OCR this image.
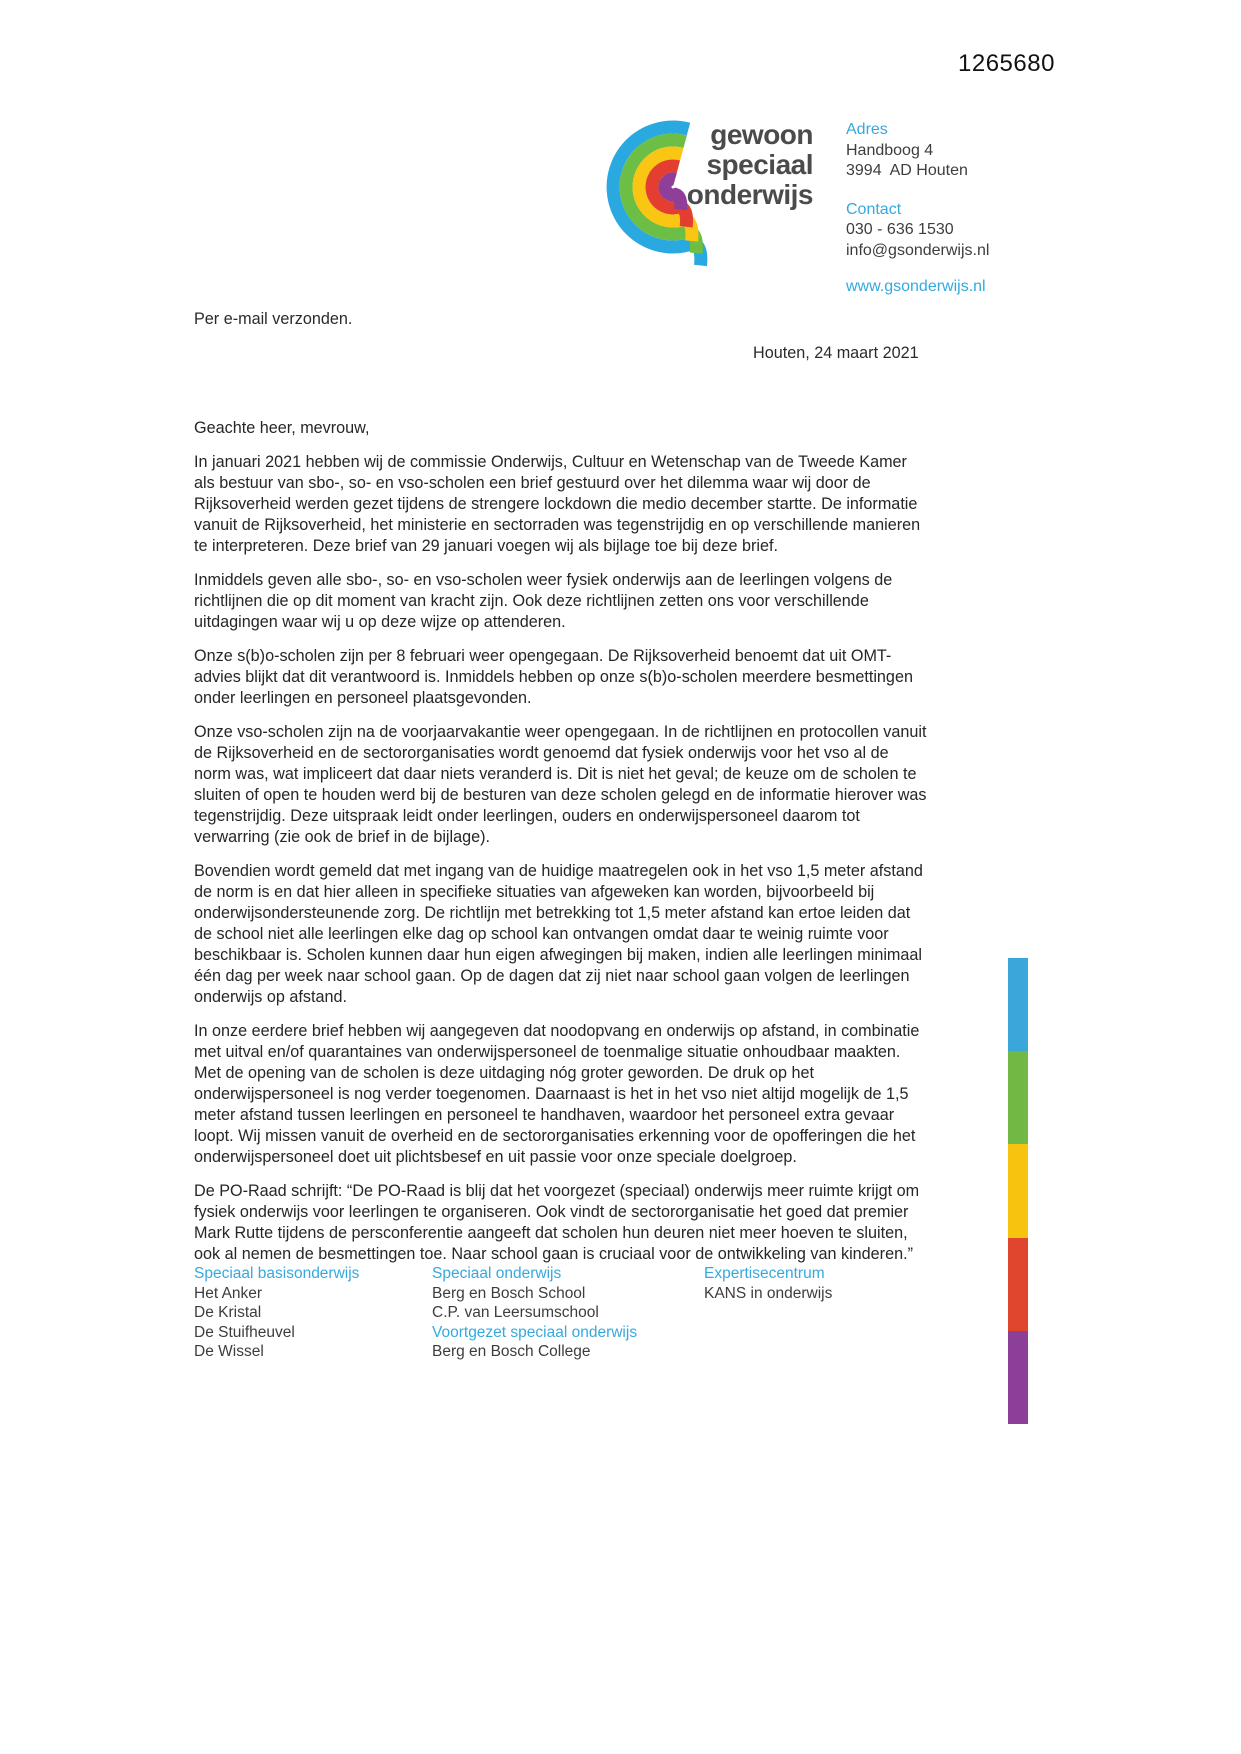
1265680
gewoon
speciaal
onderwijs
Adres
Handboog 4
3994  AD Houten
Contact
030 - 636 1530
info@gsonderwijs.nl
www.gsonderwijs.nl
Per e-mail verzonden.
Houten, 24 maart 2021

Geachte heer, mevrouw,

In januari 2021 hebben wij de commissie Onderwijs, Cultuur en Wetenschap van de Tweede Kamer als bestuur van sbo-, so- en vso-scholen een brief gestuurd over het dilemma waar wij door de Rijksoverheid werden gezet tijdens de strengere lockdown die medio december startte. De informatie vanuit de Rijksoverheid, het ministerie en sectorraden was tegenstrijdig en op verschillende manieren te interpreteren. Deze brief van 29 januari voegen wij als bijlage toe bij deze brief.

Inmiddels geven alle sbo-, so- en vso-scholen weer fysiek onderwijs aan de leerlingen volgens de richtlijnen die op dit moment van kracht zijn. Ook deze richtlijnen zetten ons voor verschillende uitdagingen waar wij u op deze wijze op attenderen.

Onze s(b)o-scholen zijn per 8 februari weer opengegaan. De Rijksoverheid benoemt dat uit OMT-advies blijkt dat dit verantwoord is. Inmiddels hebben op onze s(b)o-scholen meerdere besmettingen onder leerlingen en personeel plaatsgevonden.

Onze vso-scholen zijn na de voorjaarvakantie weer opengegaan. In de richtlijnen en protocollen vanuit de Rijksoverheid en de sectororganisaties wordt genoemd dat fysiek onderwijs voor het vso al de norm was, wat impliceert dat daar niets veranderd is. Dit is niet het geval; de keuze om de scholen te sluiten of open te houden werd bij de besturen van deze scholen gelegd en de informatie hierover was tegenstrijdig. Deze uitspraak leidt onder leerlingen, ouders en onderwijspersoneel daarom tot verwarring (zie ook de brief in de bijlage).

Bovendien wordt gemeld dat met ingang van de huidige maatregelen ook in het vso 1,5 meter afstand de norm is en dat hier alleen in specifieke situaties van afgeweken kan worden, bijvoorbeeld bij onderwijsondersteunende zorg. De richtlijn met betrekking tot 1,5 meter afstand kan ertoe leiden dat de school niet alle leerlingen elke dag op school kan ontvangen omdat daar te weinig ruimte voor beschikbaar is. Scholen kunnen daar hun eigen afwegingen bij maken, indien alle leerlingen minimaal één dag per week naar school gaan. Op de dagen dat zij niet naar school gaan volgen de leerlingen onderwijs op afstand.

In onze eerdere brief hebben wij aangegeven dat noodopvang en onderwijs op afstand, in combinatie met uitval en/of quarantaines van onderwijspersoneel de toenmalige situatie onhoudbaar maakten. Met de opening van de scholen is deze uitdaging nóg groter geworden. De druk op het onderwijspersoneel is nog verder toegenomen. Daarnaast is het in het vso niet altijd mogelijk de 1,5 meter afstand tussen leerlingen en personeel te handhaven, waardoor het personeel extra gevaar loopt. Wij missen vanuit de overheid en de sectororganisaties erkenning voor de opofferingen die het onderwijspersoneel doet uit plichtsbesef en uit passie voor onze speciale doelgroep.

De PO-Raad schrijft: “De PO-Raad is blij dat het voorgezet (speciaal) onderwijs meer ruimte krijgt om fysiek onderwijs voor leerlingen te organiseren. Ook vindt de sectororganisatie het goed dat premier Mark Rutte tijdens de persconferentie aangeeft dat scholen hun deuren niet meer hoeven te sluiten, ook al nemen de besmettingen toe. Naar school gaan is cruciaal voor de ontwikkeling van kinderen.”

Speciaal basisonderwijs
Het Anker
De Kristal
De Stuifheuvel
De Wissel
Speciaal onderwijs
Berg en Bosch School
C.P. van Leersumschool
Voortgezet speciaal onderwijs
Berg en Bosch College
Expertisecentrum
KANS in onderwijs
